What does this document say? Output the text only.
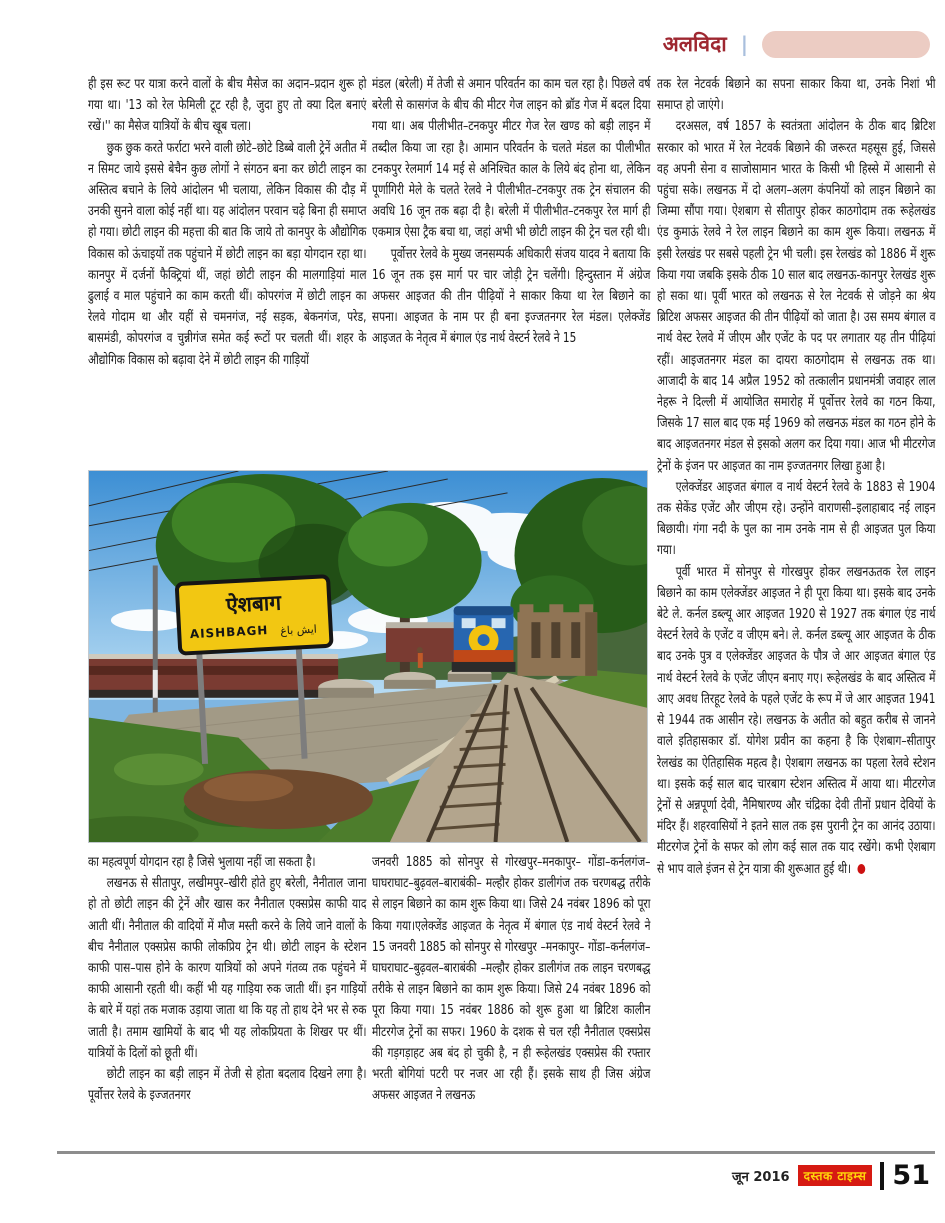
अलविदा |

ही इस रूट पर यात्रा करने वालों के बीच मैसेज का अदान–प्रदान शुरू हो गया था। '13 को रेल फेमिली टूट रही है, जुदा हुए तो क्या दिल बनाएं रखें।'' का मैसेज यात्रियों के बीच खूब चला।

छुक छुक करते फर्राटा भरने वाली छोटे–छोटे डिब्बे वाली ट्रेनें अतीत में न सिमट जाये इससे बेचैन कुछ लोगों ने संगठन बना कर छोटी लाइन का अस्तित्व बचाने के लिये आंदोलन भी चलाया, लेकिन विकास की दौड़ में उनकी सुनने वाला कोई नहीं था। यह आंदोलन परवान चढ़े बिना ही समाप्त हो गया। छोटी लाइन की महत्ता की बात कि जाये तो कानपुर के औद्योगिक विकास को ऊंचाइयों तक पहुंचाने में छोटी लाइन का बड़ा योगदान रहा था। कानपुर में दर्जनों फैक्ट्रियां थीं, जहां छोटी लाइन की मालगाड़ियां माल ढुलाई व माल पहुंचाने का काम करती थीं। कोपरगंज में छोटी लाइन का रेलवे गोदाम था और यहीं से चमनगंज, नई सड़क, बेकनगंज, परेड, बासमंडी, कोपरगंज व चुन्नीगंज समेत कई रूटों पर चलती थीं। शहर के औद्योगिक विकास को बढ़ावा देने में छोटी लाइन की गाड़ियों

मंडल (बरेली) में तेजी से अमान परिवर्तन का काम चल रहा है। पिछले वर्ष बरेली से कासगंज के बीच की मीटर गेज लाइन को ब्रॉड गेज में बदल दिया गया था। अब पीलीभीत–टनकपुर मीटर गेज रेल खण्ड को बड़ी लाइन में तब्दील किया जा रहा है। आमान परिवर्तन के चलते मंडल का पीलीभीत टनकपुर रेलमार्ग 14 मई से अनिश्चित काल के लिये बंद होना था, लेकिन पूर्णागिरी मेले के चलते रेलवे ने पीलीभीत–टनकपुर तक ट्रेन संचालन की अवधि 16 जून तक बढ़ा दी है। बरेली में पीलीभीत–टनकपुर रेल मार्ग ही एकमात्र ऐसा ट्रैक बचा था, जहां अभी भी छोटी लाइन की ट्रेन चल रही थी।

पूर्वोत्तर रेलवे के मुख्य जनसम्पर्क अधिकारी संजय यादव ने बताया कि 16 जून तक इस मार्ग पर चार जोड़ी ट्रेन चलेंगी। हिन्दुस्तान में अंग्रेज अफसर आइजत की तीन पीढ़ियों ने साकार किया था रेल बिछाने का सपना। आइजत के नाम पर ही बना इज्जतनगर रेल मंडल। एलेक्जेंड आइजत के नेतृत्व में बंगाल एंड नार्थ वेस्टर्न रेलवे ने 15

तक रेल नेटवर्क बिछाने का सपना साकार किया था, उनके निशां भी समाप्त हो जाएंगे।

दरअसल, वर्ष 1857 के स्वतंत्रता आंदोलन के ठीक बाद ब्रिटिश सरकार को भारत में रेल नेटवर्क बिछाने की जरूरत महसूस हुई, जिससे वह अपनी सेना व साजोसामान भारत के किसी भी हिस्से में आसानी से पहुंचा सके। लखनऊ में दो अलग–अलग कंपनियों को लाइन बिछाने का जिम्मा सौंपा गया। ऐशबाग से सीतापुर होकर काठगोदाम तक रूहेलखंड एंड कुमाऊं रेलवे ने रेल लाइन बिछाने का काम शुरू किया। लखनऊ में इसी रेलखंड पर सबसे पहली ट्रेन भी चली। इस रेलखंड को 1886 में शुरू किया गया जबकि इसके ठीक 10 साल बाद लखनऊ-कानपुर रेलखंड शुरू हो सका था। पूर्वी भारत को लखनऊ से रेल नेटवर्क से जोड़ने का श्रेय ब्रिटिश अफसर आइजत की तीन पीढ़ियों को जाता है। उस समय बंगाल व नार्थ वेस्ट रेलवे में जीएम और एजेंट के पद पर लगातार यह तीन पीढ़ियां रहीं। आइजतनगर मंडल का दायरा काठगोदाम से लखनऊ तक था। आजादी के बाद 14 अप्रैल 1952 को तत्कालीन प्रधानमंत्री जवाहर लाल नेहरू ने दिल्ली में आयोजित समारोह में पूर्वोत्तर रेलवे का गठन किया, जिसके 17 साल बाद एक मई 1969 को लखनऊ मंडल का गठन होने के बाद आइजतनगर मंडल से इसको अलग कर दिया गया। आज भी मीटरगेज ट्रेनों के इंजन पर आइजत का नाम इज्जतनगर लिखा हुआ है।

एलेक्जेंडर आइजत बंगाल व नार्थ वेस्टर्न रेलवे के 1883 से 1904 तक सेकेंड एजेंट और जीएम रहे। उन्होंने वाराणसी–इलाहाबाद नई लाइन बिछायी। गंगा नदी के पुल का नाम उनके नाम से ही आइजत पुल किया गया।

पूर्वी भारत में सोनपुर से गोरखपुर होकर लखनऊतक रेल लाइन बिछाने का काम एलेक्जेंडर आइजत ने ही पूरा किया था। इसके बाद उनके बेटे ले. कर्नल डब्ल्यू आर आइजत 1920 से 1927 तक बंगाल एंड नार्थ वेस्टर्न रेलवे के एजेंट व जीएम बने। ले. कर्नल डब्ल्यू आर आइजत के ठीक बाद उनके पुत्र व एलेक्जेंडर आइजत के पौत्र जे आर आइजत बंगाल एंड नार्थ वेस्टर्न रेलवे के एजेंट जीएन बनाए गए। रूहेलखंड के बाद अस्तित्व में आए अवध तिरहूट रेलवे के पहले एजेंट के रूप में जे आर आइजत 1941 से 1944 तक आसीन रहे। लखनऊ के अतीत को बहुत करीब से जानने वाले इतिहासकार डॉ. योगेश प्रवीन का कहना है कि ऐशबाग–सीतापुर रेलखंड का ऐतिहासिक महत्व है। ऐशबाग लखनऊ का पहला रेलवे स्टेशन था। इसके कई साल बाद चारबाग स्टेशन अस्तित्व में आया था। मीटरगेज ट्रेनों से अन्नपूर्णा देवी, नैमिषारण्य और चंद्रिका देवी तीनों प्रधान देवियों के मंदिर हैं। शहरवासियों ने इतने साल तक इस पुरानी ट्रेन का आनंद उठाया। मीटरगेज ट्रेनों के सफर को लोग कई साल तक याद रखेंगे। कभी ऐशबाग से भाप वाले इंजन से ट्रेन यात्रा की शुरूआत हुई थी।

ऐशबाग
AISHBAGH ایش باغ

का महत्वपूर्ण योगदान रहा है जिसे भुलाया नहीं जा सकता है।

लखनऊ से सीतापुर, लखीमपुर–खीरी होते हुए बरेली, नैनीताल जाना हो तो छोटी लाइन की ट्रेनें और खास कर नैनीताल एक्सप्रेस काफी याद आती थीं। नैनीताल की वादियों में मौज मस्ती करने के लिये जाने वालों के बीच नैनीताल एक्सप्रेस काफी लोकप्रिय ट्रेन थी। छोटी लाइन के स्टेशन काफी पास–पास होने के कारण यात्रियों को अपने गंतव्य तक पहुंचने में काफी आसानी रहती थी। कहीं भी यह गाड़िया रुक जाती थीं। इन गाड़ियों के बारे में यहां तक मजाक उड़ाया जाता था कि यह तो हाथ देने भर से रुक जाती है। तमाम खामियों के बाद भी यह लोकप्रियता के शिखर पर थीं।यात्रियों के दिलों को छूती थीं।

छोटी लाइन का बड़ी लाइन में तेजी से होता बदलाव दिखने लगा है। पूर्वोत्तर रेलवे के इज्जतनगर

जनवरी 1885 को सोनपुर से गोरखपुर–मनकापुर– गोंडा–कर्नलगंज–घाघराघाट–बुढ़वल–बाराबंकी– मल्हौर होकर डालीगंज तक चरणबद्ध तरीके से लाइन बिछाने का काम शुरू किया था। जिसे 24 नवंबर 1896 को पूरा किया गया।एलेक्जेंड आइजत के नेतृत्व में बंगाल एंड नार्थ वेस्टर्न रेलवे ने 15 जनवरी 1885 को सोनपुर से गोरखपुर –मनकापुर– गोंडा–कर्नलगंज–घाघराघाट–बुढ़वल–बाराबंकी –मल्हौर होकर डालीगंज तक लाइन चरणबद्ध तरीके से लाइन बिछाने का काम शुरू किया। जिसे 24 नवंबर 1896 को पूरा किया गया। 15 नवंबर 1886 को शुरू हुआ था ब्रिटिश कालीन मीटरगेज ट्रेनों का सफर। 1960 के दशक से चल रही नैनीताल एक्सप्रेस की गड़गड़ाहट अब बंद हो चुकी है, न ही रूहेलखंड एक्सप्रेस की रफ्तार भरती बोगियां पटरी पर नजर आ रही हैं। इसके साथ ही जिस अंग्रेज अफसर आइजत ने लखनऊ

जून 2016	दस्तक टाइम्स 51
